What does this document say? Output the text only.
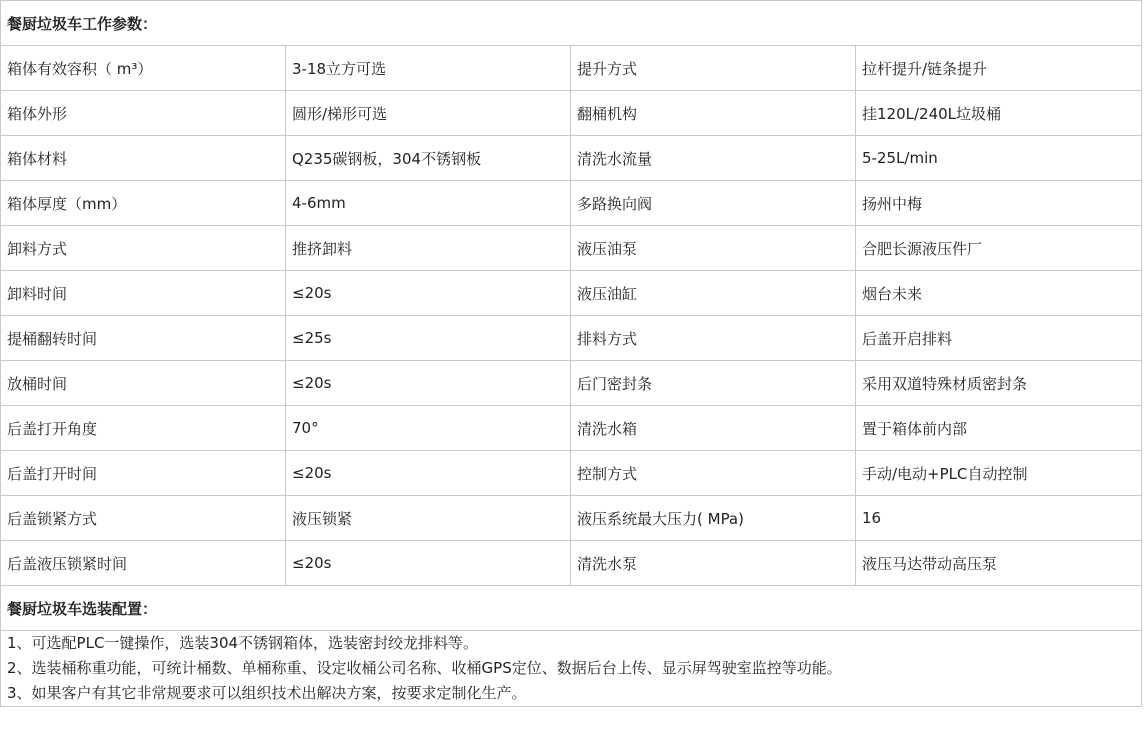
餐厨垃圾车工作参数：			
箱体有效容积（ m³）	3-18立方可选	提升方式	拉杆提升/链条提升
箱体外形	圆形/梯形可选	翻桶机构	挂120L/240L垃圾桶
箱体材料	Q235碳钢板，304不锈钢板	清洗水流量	5-25L/min
箱体厚度（mm）	4-6mm	多路换向阀	扬州中梅
卸料方式	推挤卸料	液压油泵	合肥长源液压件厂
卸料时间	≤20s	液压油缸	烟台未来
提桶翻转时间	≤25s	排料方式	后盖开启排料
放桶时间	≤20s	后门密封条	采用双道特殊材质密封条
后盖打开角度	70°	清洗水箱	置于箱体前内部
后盖打开时间	≤20s	控制方式	手动/电动+PLC自动控制
后盖锁紧方式	液压锁紧	液压系统最大压力( MPa)	16
后盖液压锁紧时间	≤20s	清洗水泵	液压马达带动高压泵
餐厨垃圾车选装配置：			

1、可选配PLC一键操作，选装304不锈钢箱体，选装密封绞龙排料等。
2、选装桶称重功能，可统计桶数、单桶称重、设定收桶公司名称、收桶GPS定位、数据后台上传、显示屏驾驶室监控等功能。
3、如果客户有其它非常规要求可以组织技术出解决方案，按要求定制化生产。			
